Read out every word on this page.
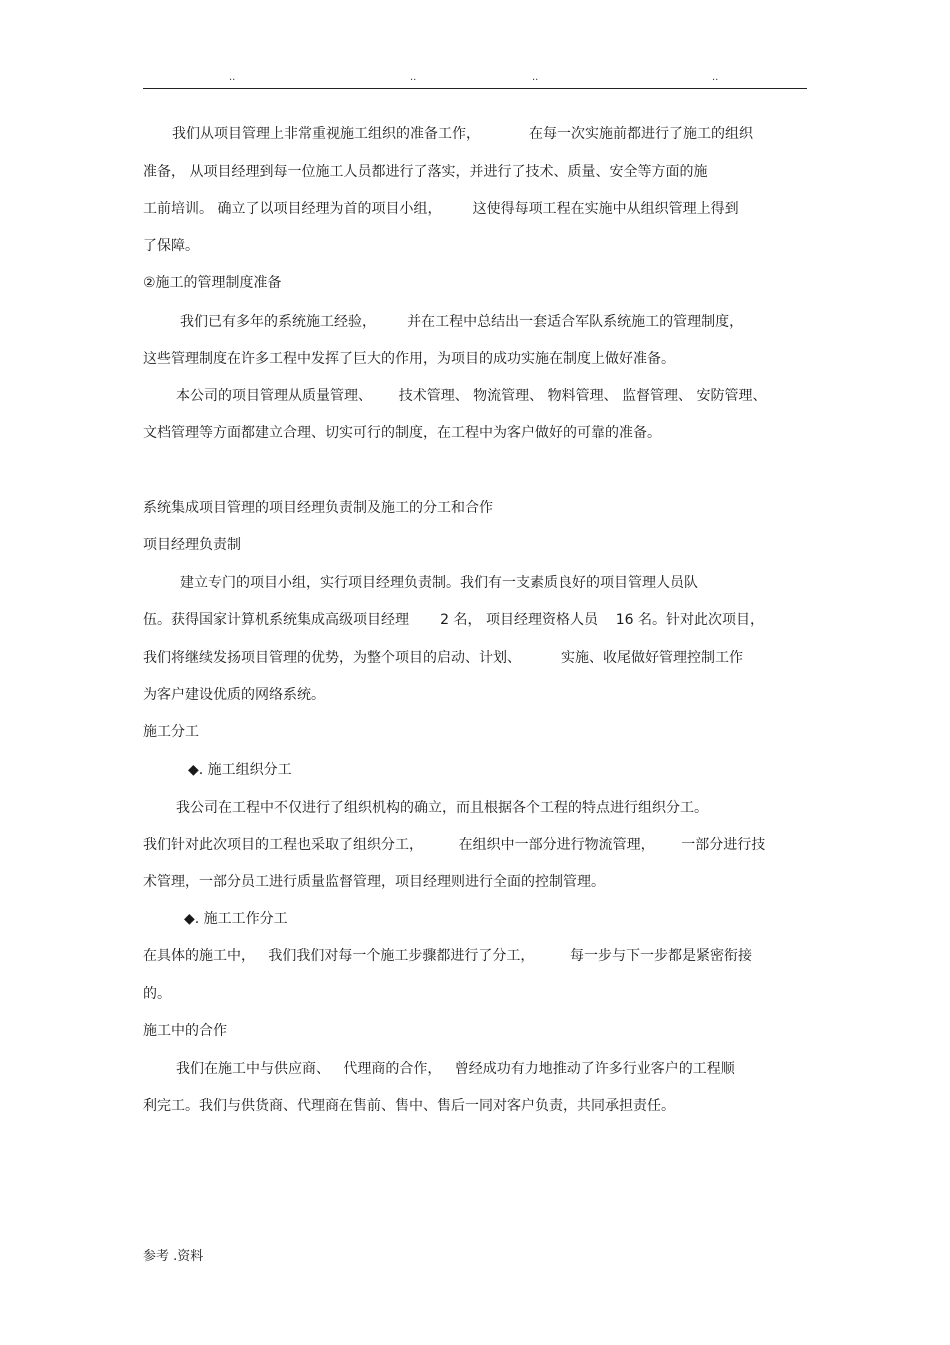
..	..	..	..
我们从项目管理上非常重视施工组织的准备工作，           在每一次实施前都进行了施工的组织
准备， 从项目经理到每一位施工人员都进行了落实，并进行了技术、质量、安全等方面的施
工前培训。 确立了以项目经理为首的项目小组，       这使得每项工程在实施中从组织管理上得到
了保障。
②施工的管理制度准备
我们已有多年的系统施工经验，       并在工程中总结出一套适合军队系统施工的管理制度，
这些管理制度在许多工程中发挥了巨大的作用，为项目的成功实施在制度上做好准备。
本公司的项目管理从质量管理、      技术管理、 物流管理、 物料管理、 监督管理、 安防管理、
文档管理等方面都建立合理、切实可行的制度，在工程中为客户做好的可靠的准备。
系统集成项目管理的项目经理负责制及施工的分工和合作
项目经理负责制
建立专门的项目小组，实行项目经理负责制。我们有一支素质良好的项目管理人员队
伍。获得国家计算机系统集成高级项目经理       2 名， 项目经理资格人员    16 名。针对此次项目，
我们将继续发扬项目管理的优势，为整个项目的启动、计划、         实施、收尾做好管理控制工作
为客户建设优质的网络系统。
施工分工
◆. 施工组织分工
我公司在工程中不仅进行了组织机构的确立，而且根据各个工程的特点进行组织分工。
我们针对此次项目的工程也采取了组织分工，        在组织中一部分进行物流管理，      一部分进行技
术管理，一部分员工进行质量监督管理，项目经理则进行全面的控制管理。
◆. 施工工作分工
在具体的施工中，   我们我们对每一个施工步骤都进行了分工，        每一步与下一步都是紧密衔接
的。
施工中的合作
我们在施工中与供应商、   代理商的合作，   曾经成功有力地推动了许多行业客户的工程顺
利完工。我们与供货商、代理商在售前、售中、售后一同对客户负责，共同承担责任。
参考 .资料
